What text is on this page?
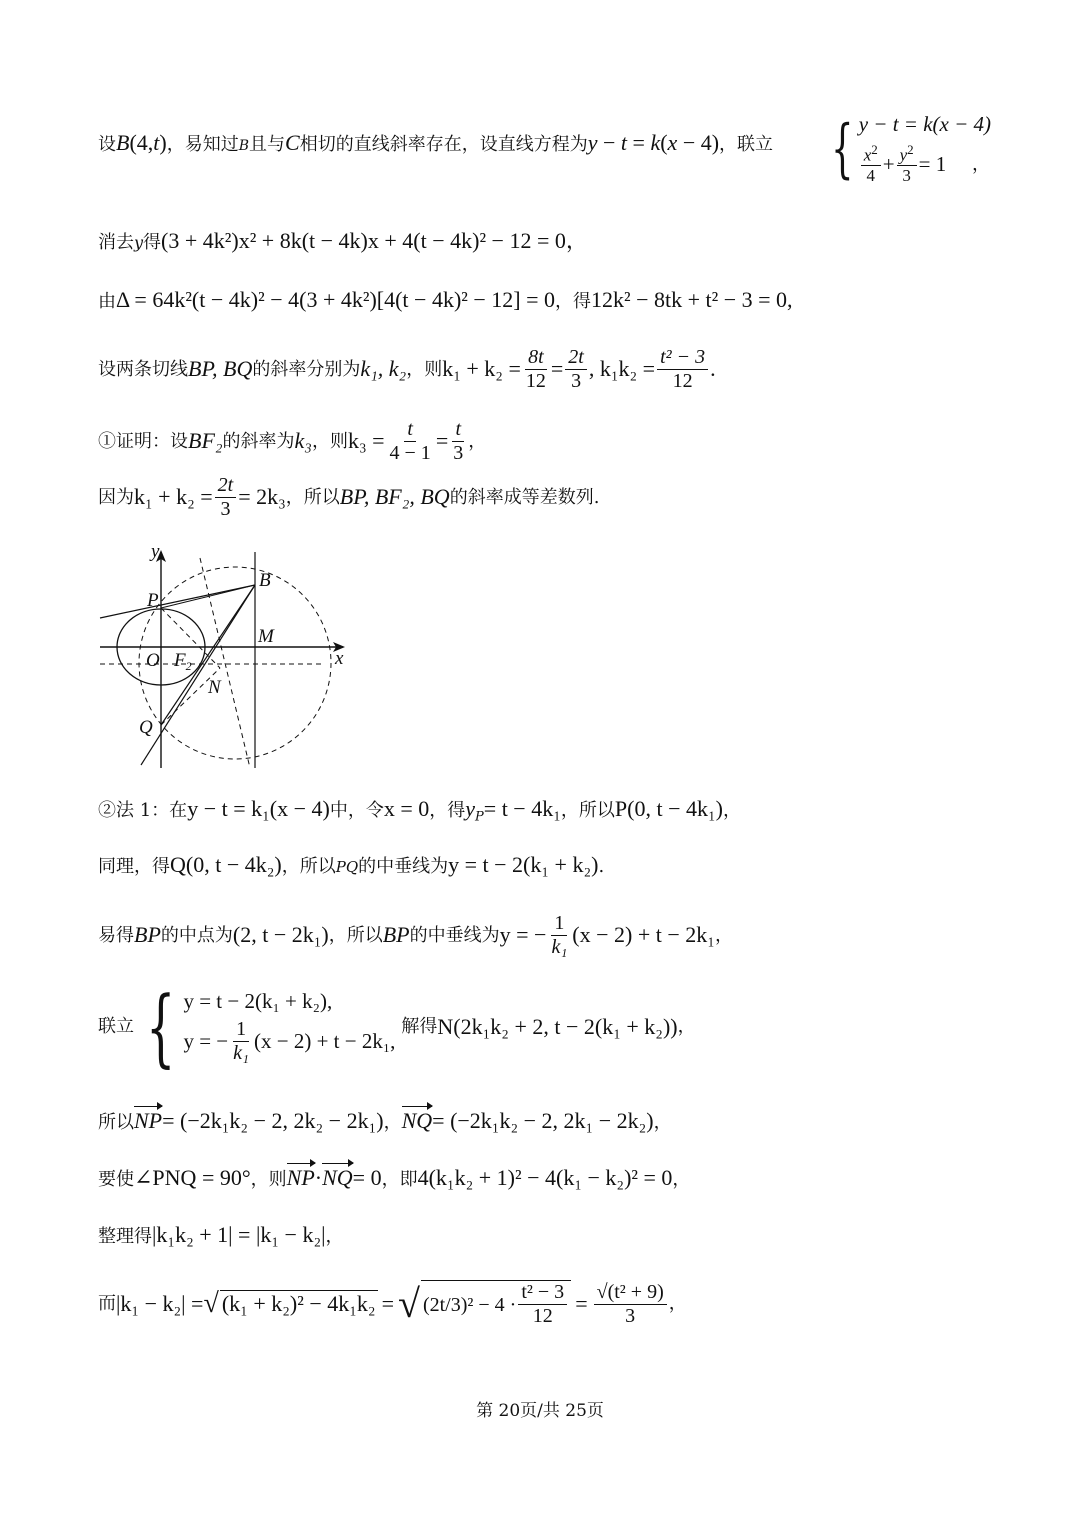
设B(4,t)，易知过B且与C相切的直线斜率存在，设直线方程为y − t = k(x − 4)，联立 { y − t = k(x − 4)
$\frac{x^2}{4} + \frac{y^2}{3} = 1$ ，
消去y得(3 + 4k²)x² + 8k(t − 4k)x + 4(t − 4k)² − 12 = 0，
由Δ = 64k²(t − 4k)² − 4(3 + 4k²)[4(t − 4k)² − 12] = 0，得12k² − 8tk + t² − 3 = 0,
设两条切线 BP, BQ 的斜率分别为 k₁, k₂ ，则 $k_1 + k_2 = \frac{8t}{12} = \frac{2t}{3}$ , $k_1k_2 = \frac{\text{t² − 3}}{12}$ .
①证明：设 BF₂ 的斜率为 k₃ ，则 $k_3 = \frac{t}{4 - 1} = \frac{t}{3}$ ，
因为 $k_1 + k_2 = \frac{2t}{3} = 2k_3$ ，所以 BP, BF₂, BQ 的斜率成等差数列.
y
x
B
P
M
O $F_2$
N
Q
②法 1：在y − t = k₁(x − 4)中，令x = 0，得$y_P= t - 4k_1$，所以P(0, t − 4k₁)，
同理，得Q(0, t − 4k₂)，所以PQ的中垂线为y = t − 2(k₁ + k₂).
易得 BP 的中点为 (2, t − 2k₁) ，所以 BP 的中垂线为 y = − $\frac{1}{\text{k₁}} (x - 2) + t - 2k_1$ ，
联立 { y = t − 2(k₁ + k₂),
y = − $\frac{1}{\text{k₁}} (x - 2) + t - 2k_1$,
解得 N(2k₁k₂ + 2, t − 2(k₁ + k₂)) ，
所以NP= (−2k₁k₂ − 2, 2k₂ − 2k₁)，NQ= (−2k₁k₂ − 2, 2k₁ − 2k₂)，
要使∠PNQ = 90°，则NP·NQ= 0，即4(k₁k₂ + 1)² − 4(k₁ − k₂)² = 0，
整理得|k₁k₂ + 1| = |k₁ − k₂|，
而 |k₁ − k₂| = √ (k₁ + k₂)² − 4k₁k₂ = √ $(2t/3)^2 - 4 \cdot \frac{\text{t² − 3}}{12} = \frac{\text{√(t² + 9)}}{3}$ ，
第 20页/共 25页
